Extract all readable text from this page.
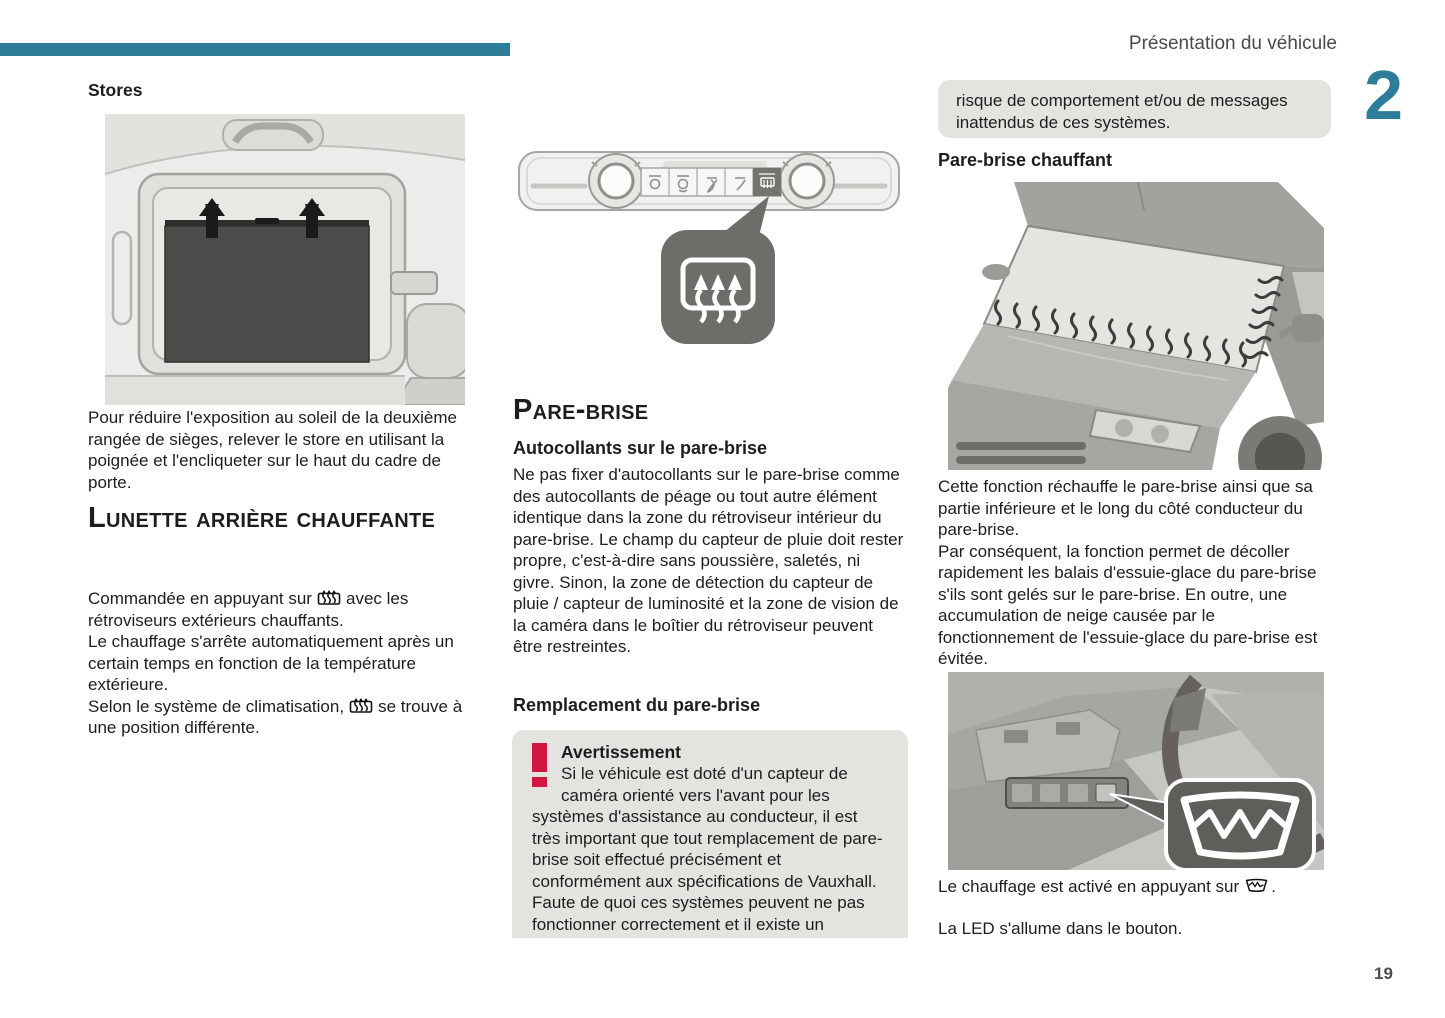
Présentation du véhicule
2
19
Stores

Pour réduire l'exposition au soleil de la deuxième rangée de sièges, relever le store en utilisant la poignée et l'encliqueter sur le haut du cadre de porte.

Lunette arrière chauffante

Commandée en appuyant sur avec les rétroviseurs extérieurs chauffants.

Le chauffage s'arrête automatiquement après un certain temps en fonction de la température extérieure.

Selon le système de climatisation, se trouve à une position différente.

Pare-brise
Autocollants sur le pare-brise

Ne pas fixer d'autocollants sur le pare-brise comme des autocollants de péage ou tout autre élément identique dans la zone du rétroviseur intérieur du pare-brise. Le champ du capteur de pluie doit rester propre, c'est-à-dire sans poussière, saletés, ni givre. Sinon, la zone de détection du capteur de pluie / capteur de luminosité et la zone de vision de la caméra dans le boîtier du rétroviseur peuvent être restreintes.

Remplacement du pare-brise
Avertissement
Si le véhicule est doté d'un capteur de caméra orienté vers l'avant pour les systèmes d'assistance au conducteur, il est très important que tout remplacement de pare-brise soit effectué précisément et conformément aux spécifications de Vauxhall. Faute de quoi ces systèmes peuvent ne pas fonctionner correctement et il existe un
risque de comportement et/ou de messages inattendus de ces systèmes.
Pare-brise chauffant

Cette fonction réchauffe le pare-brise ainsi que sa partie inférieure et le long du côté conducteur du pare-brise.

Par conséquent, la fonction permet de décoller rapidement les balais d'essuie-glace du pare-brise s'ils sont gelés sur le pare-brise. En outre, une accumulation de neige causée par le fonctionnement de l'essuie-glace du pare-brise est évitée.

Le chauffage est activé en appuyant sur .

La LED s'allume dans le bouton.
